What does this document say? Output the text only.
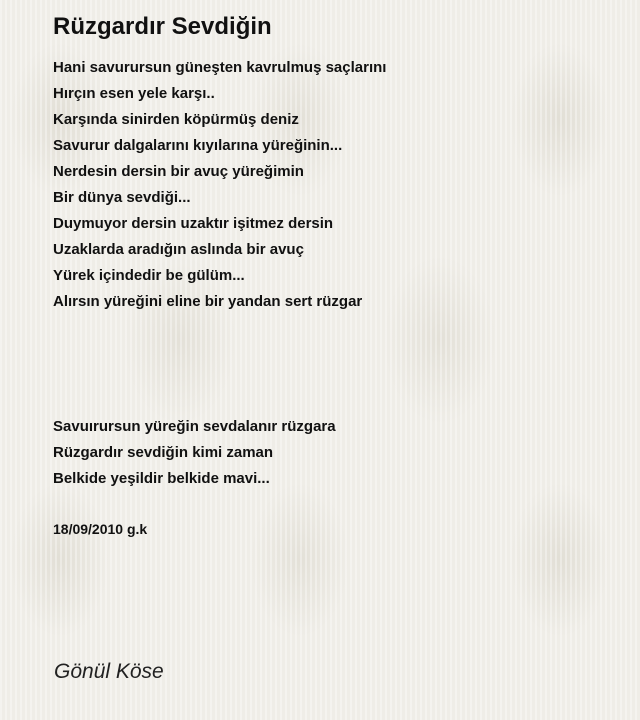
Rüzgardır Sevdiğin
Hani savurursun güneşten kavrulmuş saçlarını
Hırçın esen yele karşı..
Karşında sinirden köpürmüş deniz
Savurur dalgalarını kıyılarına yüreğinin...
Nerdesin dersin bir avuç yüreğimin
Bir dünya sevdiği...
Duymuyor dersin uzaktır işitmez dersin
Uzaklarda aradığın aslında bir avuç
Yürek içindedir be gülüm...
Alırsın yüreğini eline bir yandan sert rüzgar
Savuırursun yüreğin sevdalanır rüzgara
Rüzgardır sevdiğin kimi zaman
Belkide yeşildir belkide mavi...
18/09/2010 g.k
Gönül Köse
